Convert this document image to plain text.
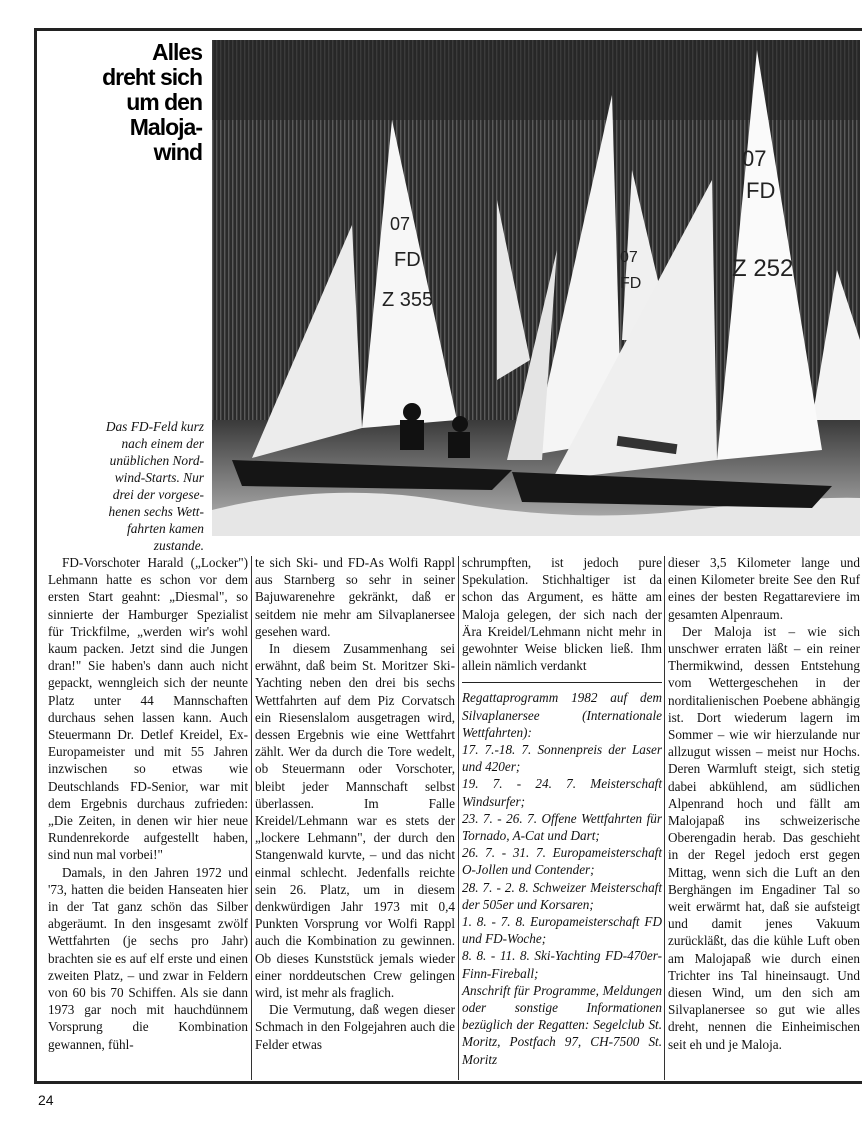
Alles
dreht sich
um den
Maloja-
wind
07
FD
Z 355
07
FD
07
FD
Z 252
Das FD-Feld kurz
nach einem der
unüblichen Nord-
wind-Starts. Nur
drei der vorgese-
henen sechs Wett-
fahrten kamen
zustande.

FD-Vorschoter Harald („Locker") Lehmann hatte es schon vor dem ersten Start geahnt: „Diesmal", so sinnierte der Hamburger Spezialist für Trickfilme, „werden wir's wohl kaum packen. Jetzt sind die Jungen dran!" Sie haben's dann auch nicht gepackt, wenngleich sich der neunte Platz unter 44 Mannschaften durchaus sehen lassen kann. Auch Steuermann Dr. Detlef Kreidel, Ex-Europameister und mit 55 Jahren inzwischen so etwas wie Deutschlands FD-Senior, war mit dem Ergebnis durchaus zufrieden: „Die Zeiten, in denen wir hier neue Rundenrekorde aufgestellt haben, sind nun mal vorbei!"

Damals, in den Jahren 1972 und '73, hatten die beiden Hanseaten hier in der Tat ganz schön das Silber abgeräumt. In den insgesamt zwölf Wettfahrten (je sechs pro Jahr) brachten sie es auf elf erste und einen zweiten Platz, – und zwar in Feldern von 60 bis 70 Schiffen. Als sie dann 1973 gar noch mit hauchdünnem Vorsprung die Kombination gewannen, fühl-

te sich Ski- und FD-As Wolfi Rappl aus Starnberg so sehr in seiner Bajuwarenehre gekränkt, daß er seitdem nie mehr am Silvaplanersee gesehen ward.

In diesem Zusammenhang sei erwähnt, daß beim St. Moritzer Ski-Yachting neben den drei bis sechs Wettfahrten auf dem Piz Corvatsch ein Riesenslalom ausgetragen wird, dessen Ergebnis wie eine Wettfahrt zählt. Wer da durch die Tore wedelt, ob Steuermann oder Vorschoter, bleibt jeder Mannschaft selbst überlassen. Im Falle Kreidel/Lehmann war es stets der „lockere Lehmann", der durch den Stangenwald kurvte, – und das nicht einmal schlecht. Jedenfalls reichte sein 26. Platz, um in diesem denkwürdigen Jahr 1973 mit 0,4 Punkten Vorsprung vor Wolfi Rappl auch die Kombination zu gewinnen. Ob dieses Kunststück jemals wieder einer norddeutschen Crew gelingen wird, ist mehr als fraglich.

Die Vermutung, daß wegen dieser Schmach in den Folgejahren auch die Felder etwas

schrumpften, ist jedoch pure Spekulation. Stichhaltiger ist da schon das Argument, es hätte am Maloja gelegen, der sich nach der Ära Kreidel/Lehmann nicht mehr in gewohnter Weise blicken ließ. Ihm allein nämlich verdankt

Regattaprogramm 1982 auf dem Silvaplanersee (Internationale Wettfahrten):

17. 7.-18. 7. Sonnenpreis der Laser und 420er;

19. 7. - 24. 7. Meisterschaft Windsurfer;

23. 7. - 26. 7. Offene Wettfahrten für Tornado, A-Cat und Dart;

26. 7. - 31. 7. Europameisterschaft O-Jollen und Contender;

28. 7. - 2. 8. Schweizer Meisterschaft der 505er und Korsaren;

1. 8. - 7. 8. Europameisterschaft FD und FD-Woche;

8. 8. - 11. 8. Ski-Yachting FD-470er-Finn-Fireball;

Anschrift für Programme, Meldungen oder sonstige Informationen bezüglich der Regatten: Segelclub St. Moritz, Postfach 97, CH-7500 St. Moritz

dieser 3,5 Kilometer lange und einen Kilometer breite See den Ruf eines der besten Regattareviere im gesamten Alpenraum.

Der Maloja ist – wie sich unschwer erraten läßt – ein reiner Thermikwind, dessen Entstehung vom Wettergeschehen in der norditalienischen Poebene abhängig ist. Dort wiederum lagern im Sommer – wie wir hierzulande nur allzugut wissen – meist nur Hochs. Deren Warmluft steigt, sich stetig dabei abkühlend, am südlichen Alpenrand hoch und fällt am Malojapaß ins schweizerische Oberengadin herab. Das geschieht in der Regel jedoch erst gegen Mittag, wenn sich die Luft an den Berghängen im Engadiner Tal so weit erwärmt hat, daß sie aufsteigt und damit jenes Vakuum zurückläßt, das die kühle Luft oben am Malojapaß wie durch einen Trichter ins Tal hineinsaugt. Und diesen Wind, um den sich am Silvaplanersee so gut wie alles dreht, nennen die Einheimischen seit eh und je Maloja.

24
